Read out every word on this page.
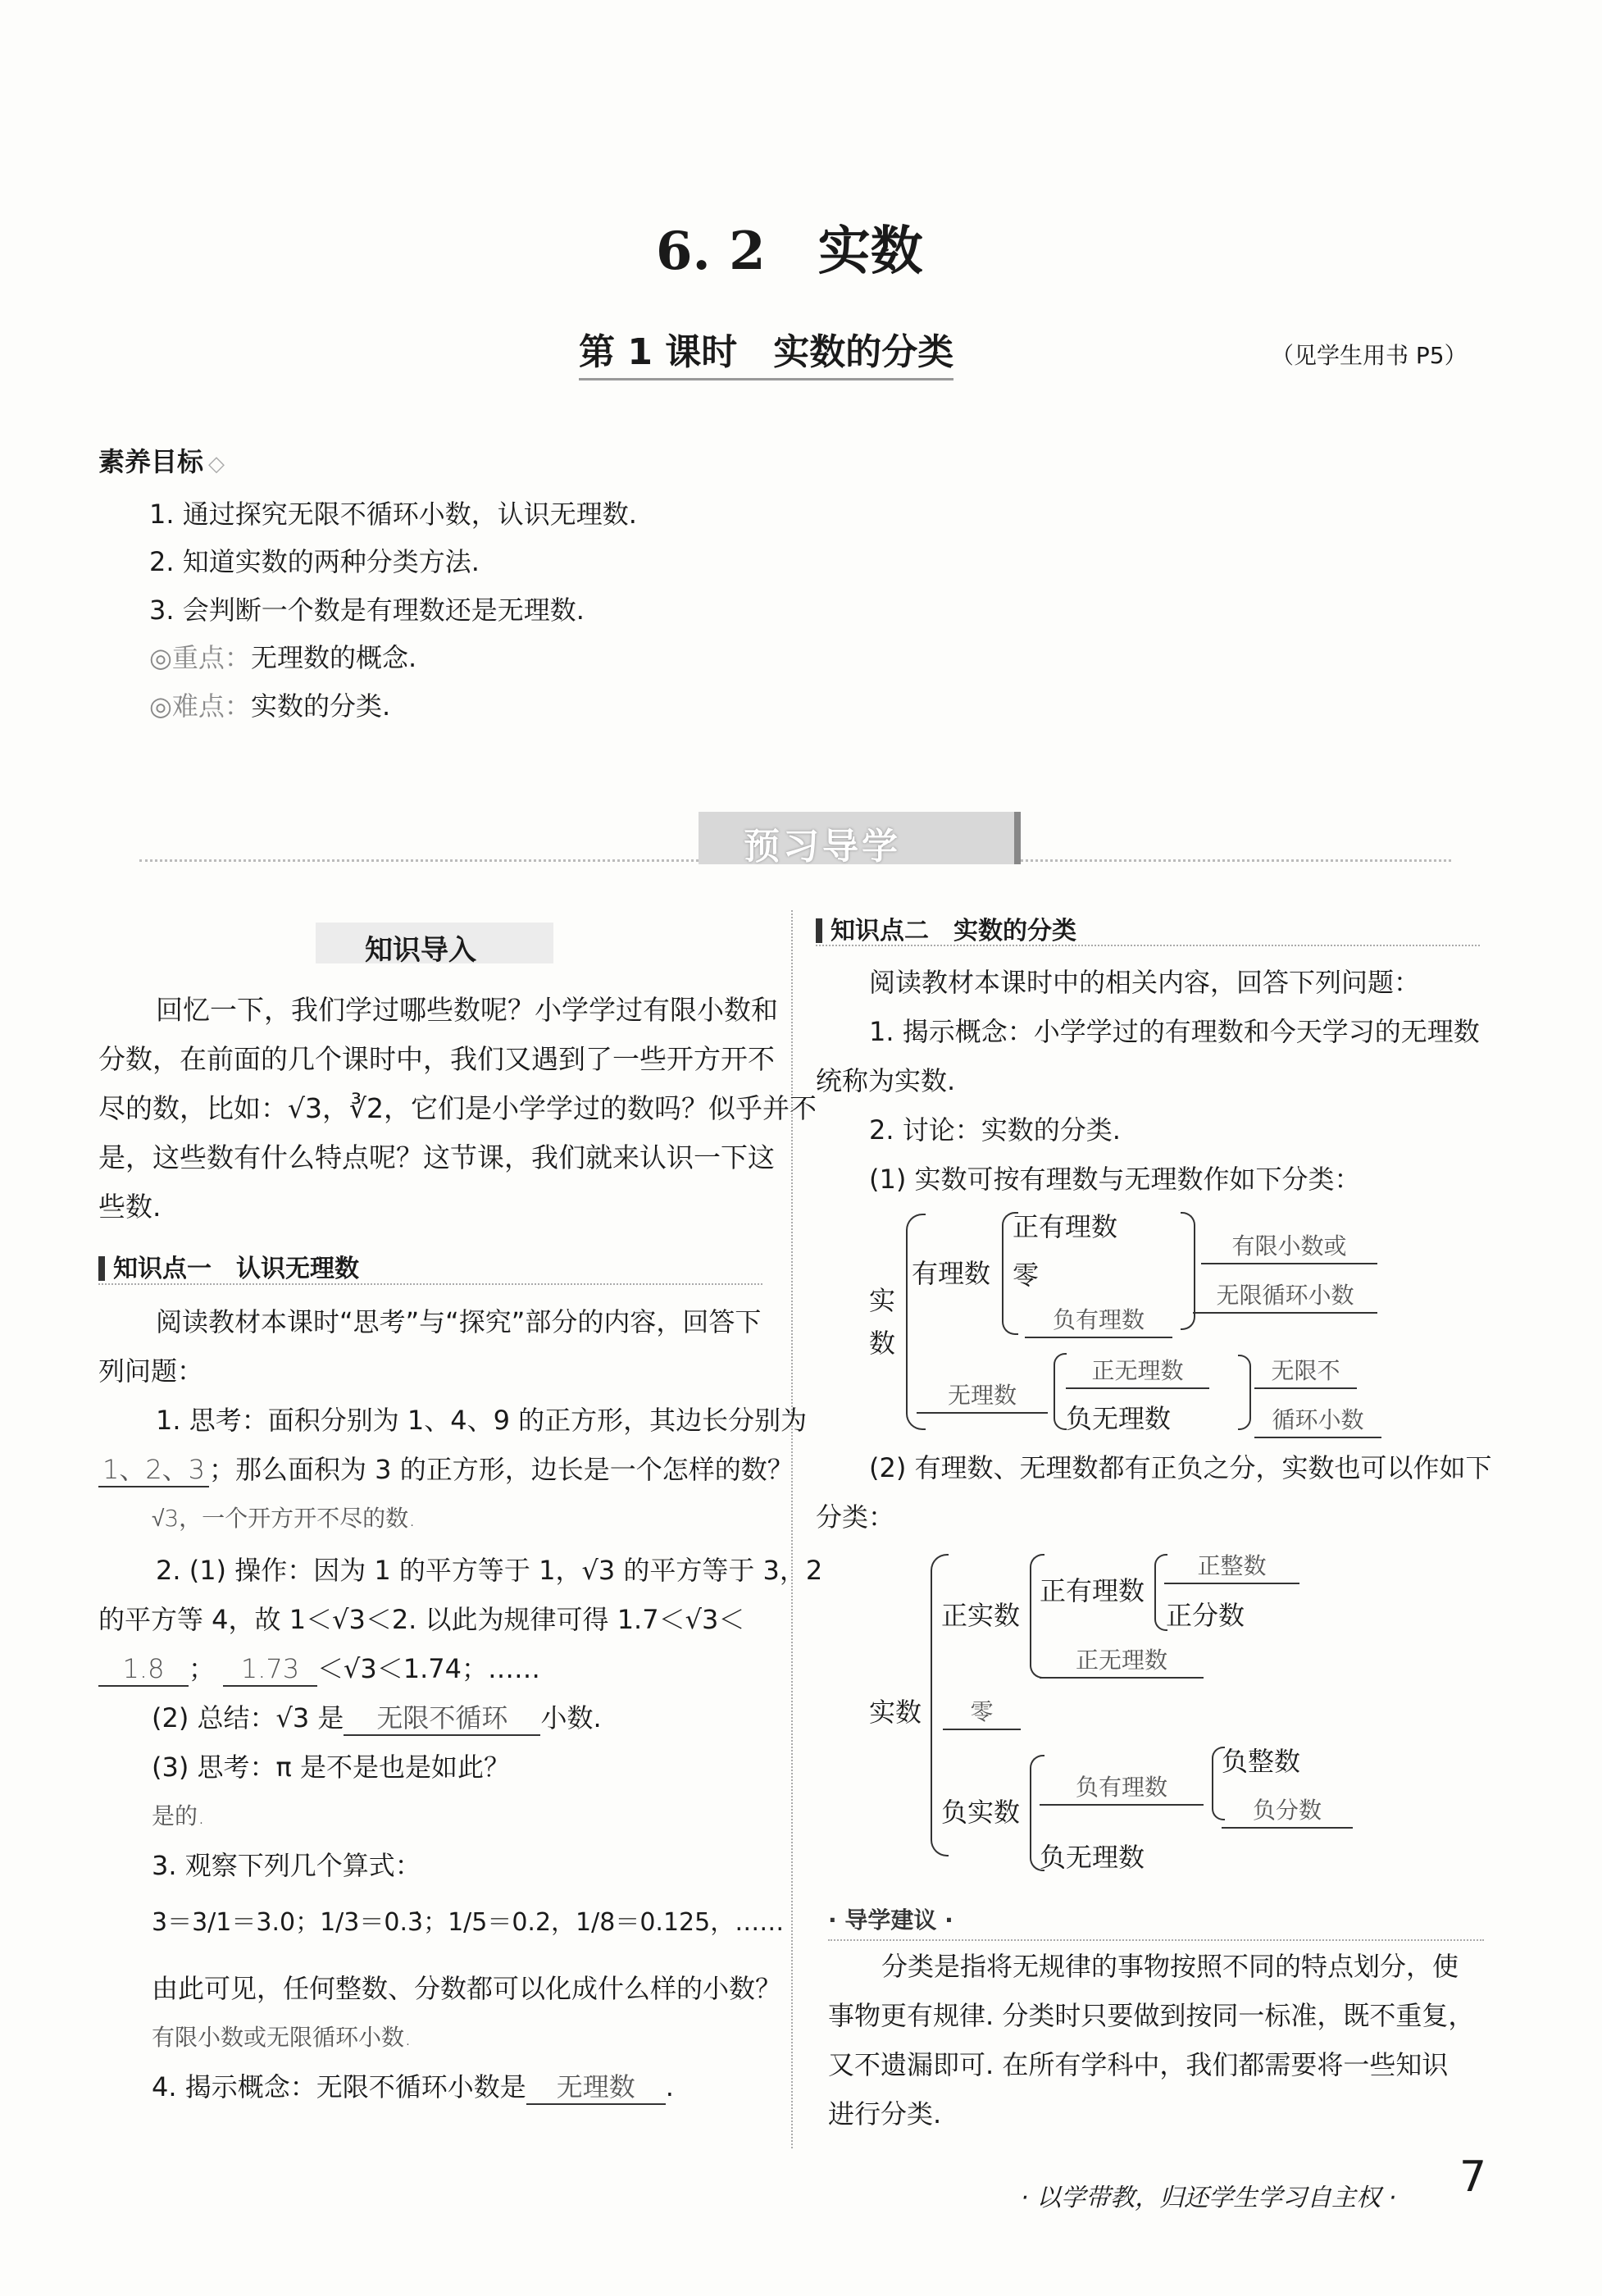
6. 2　实数
第 1 课时　实数的分类	（见学生用书 P5）
素养目标 ◇
1. 通过探究无限不循环小数，认识无理数.
2. 知道实数的两种分类方法.
3. 会判断一个数是有理数还是无理数.
◎重点：无理数的概念.
◎难点：实数的分类.
预习导学
知识导入
回忆一下，我们学过哪些数呢？小学学过有限小数和
分数，在前面的几个课时中，我们又遇到了一些开方开不
尽的数，比如：√3，∛2，它们是小学学过的数吗？似乎并不
是，这些数有什么特点呢？这节课，我们就来认识一下这
些数.
知识点一　认识无理数
阅读教材本课时“思考”与“探究”部分的内容，回答下
列问题：
1. 思考：面积分别为 1、4、9 的正方形，其边长分别为
1、2、3 ；那么面积为 3 的正方形，边长是一个怎样的数？
√3，一个开方开不尽的数.
2. (1) 操作：因为 1 的平方等于 1，√3 的平方等于 3，2
的平方等 4，故 1＜√3＜2. 以此为规律可得 1.7＜√3＜
1.8 ； 1.73 ＜√3＜1.74；……
(2) 总结：√3 是 无限不循环 小数.
(3) 思考：π 是不是也是如此？
是的.
3. 观察下列几个算式：
3＝3/1＝3.0；1/3＝0.3̇；1/5＝0.2，1/8＝0.125，……
由此可见，任何整数、分数都可以化成什么样的小数？
有限小数或无限循环小数.
4. 揭示概念：无限不循环小数是 无理数 .
知识点二　实数的分类
阅读教材本课时中的相关内容，回答下列问题：
1. 揭示概念：小学学过的有理数和今天学习的无理数
统称为实数.
2. 讨论：实数的分类.
(1) 实数可按有理数与无理数作如下分类：
实数
有理数
正有理数
零
负有理数
有限小数或
无限循环小数
无理数
正无理数
负无理数
无限不
循环小数
(2) 有理数、无理数都有正负之分，实数也可以作如下
分类：
实数
正实数
正有理数
正整数
正分数
正无理数
零
负实数
负有理数
负整数
负分数
负无理数
· 导学建议 ·
分类是指将无规律的事物按照不同的特点划分，使
事物更有规律. 分类时只要做到按同一标准，既不重复，
又不遗漏即可. 在所有学科中，我们都需要将一些知识
进行分类.
· 以学带教，归还学生学习自主权 · 7
